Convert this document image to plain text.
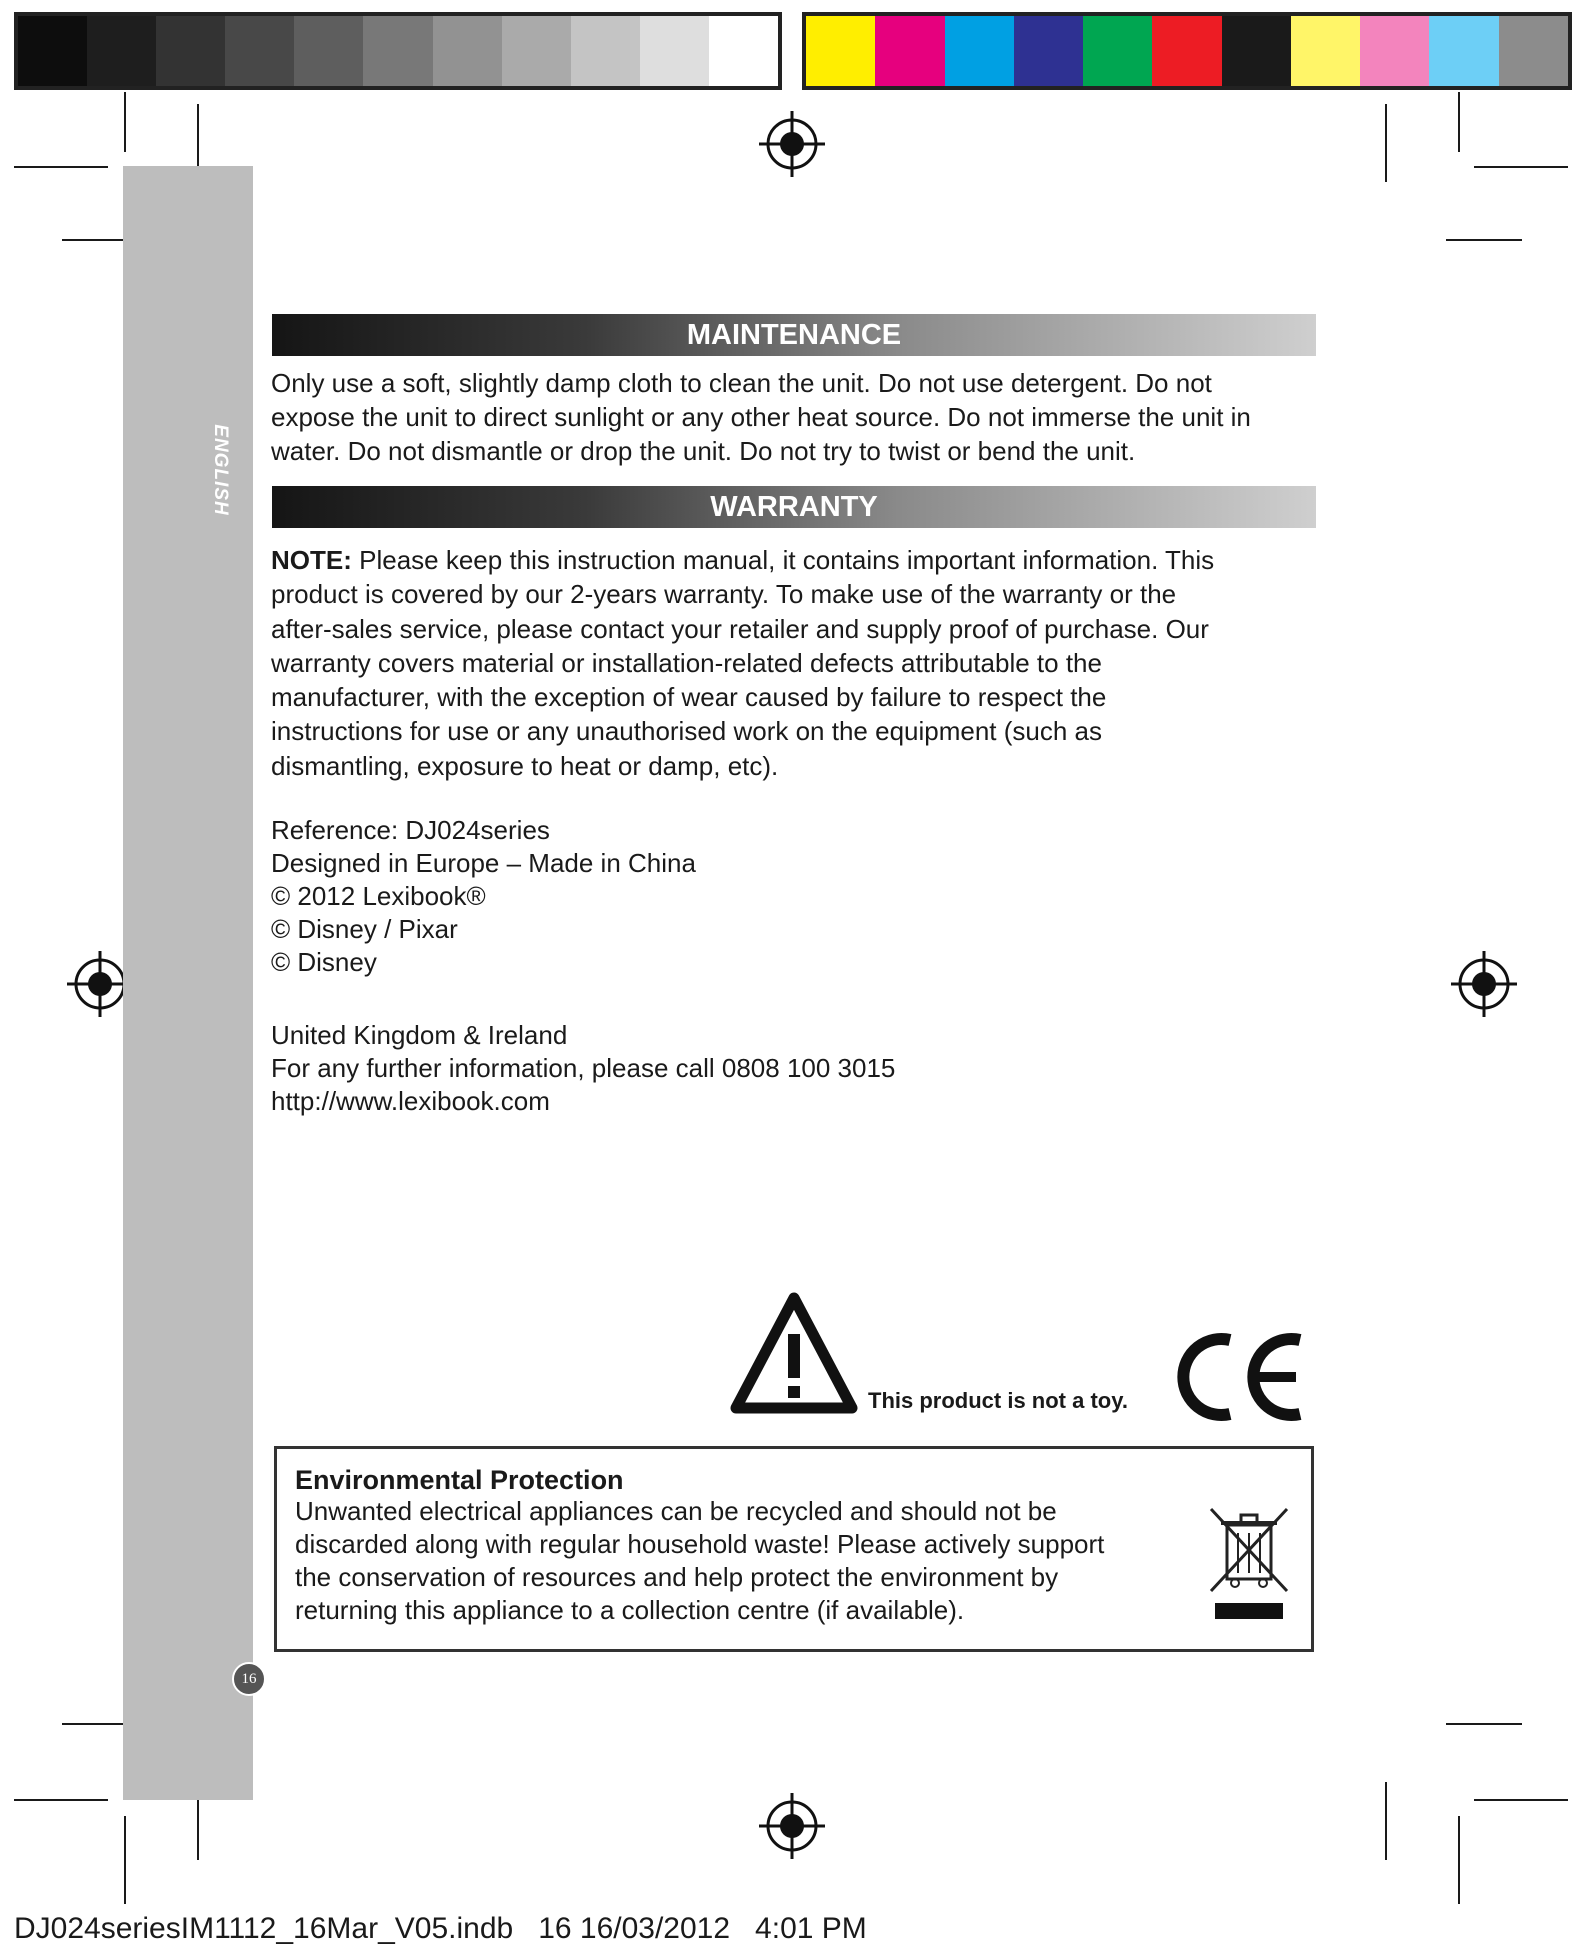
ENGLISH
16
MAINTENANCE
Only use a soft, slightly damp cloth to clean the unit. Do not use detergent. Do not
expose the unit to direct sunlight or any other heat source. Do not immerse the unit in
water. Do not dismantle or drop the unit. Do not try to twist or bend the unit.
WARRANTY
NOTE: Please keep this instruction manual, it contains important information. This
product is covered by our 2-years warranty. To make use of the warranty or the
after-sales service, please contact your retailer and supply proof of purchase. Our
warranty covers material or installation-related defects attributable to the
manufacturer, with the exception of wear caused by failure to respect the
instructions for use or any unauthorised work on the equipment (such as
dismantling, exposure to heat or damp, etc).
Reference: DJ024series
Designed in Europe – Made in China
© 2012 Lexibook®
© Disney / Pixar
© Disney
United Kingdom & Ireland
For any further information, please call 0808 100 3015
http://www.lexibook.com
This product is not a toy.
Environmental Protection
Unwanted electrical appliances can be recycled and should not be
discarded along with regular household waste! Please actively support
the conservation of resources and help protect the environment by
returning this appliance to a collection centre (if available).
DJ024seriesIM1112_16Mar_V05.indb   16 16/03/2012   4:01 PM
